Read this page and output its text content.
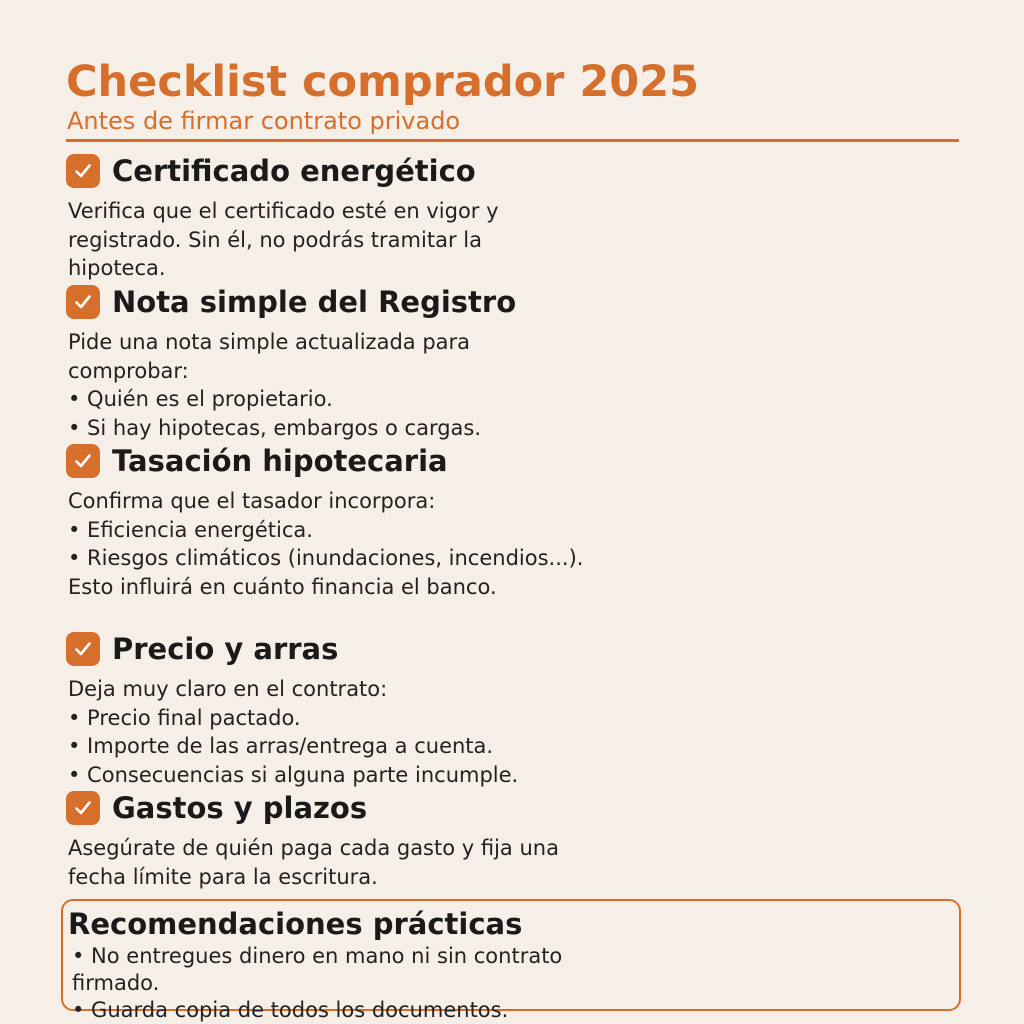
Checklist comprador 2025
Antes de firmar contrato privado
Certificado energético

Verifica que el certificado esté en vigor y registrado. Sin él, no podrás tramitar la hipoteca.

Nota simple del Registro

Pide una nota simple actualizada para comprobar:

• Quién es el propietario.

• Si hay hipotecas, embargos o cargas.

Tasación hipotecaria

Confirma que el tasador incorpora:

• Eficiencia energética.

• Riesgos climáticos (inundaciones, incendios...).

Esto influirá en cuánto financia el banco.

Precio y arras

Deja muy claro en el contrato:

• Precio final pactado.

• Importe de las arras/entrega a cuenta.

• Consecuencias si alguna parte incumple.

Gastos y plazos

Asegúrate de quién paga cada gasto y fija una fecha límite para la escritura.

Recomendaciones prácticas

• No entregues dinero en mano ni sin contrato firmado.

• Guarda copia de todos los documentos.
